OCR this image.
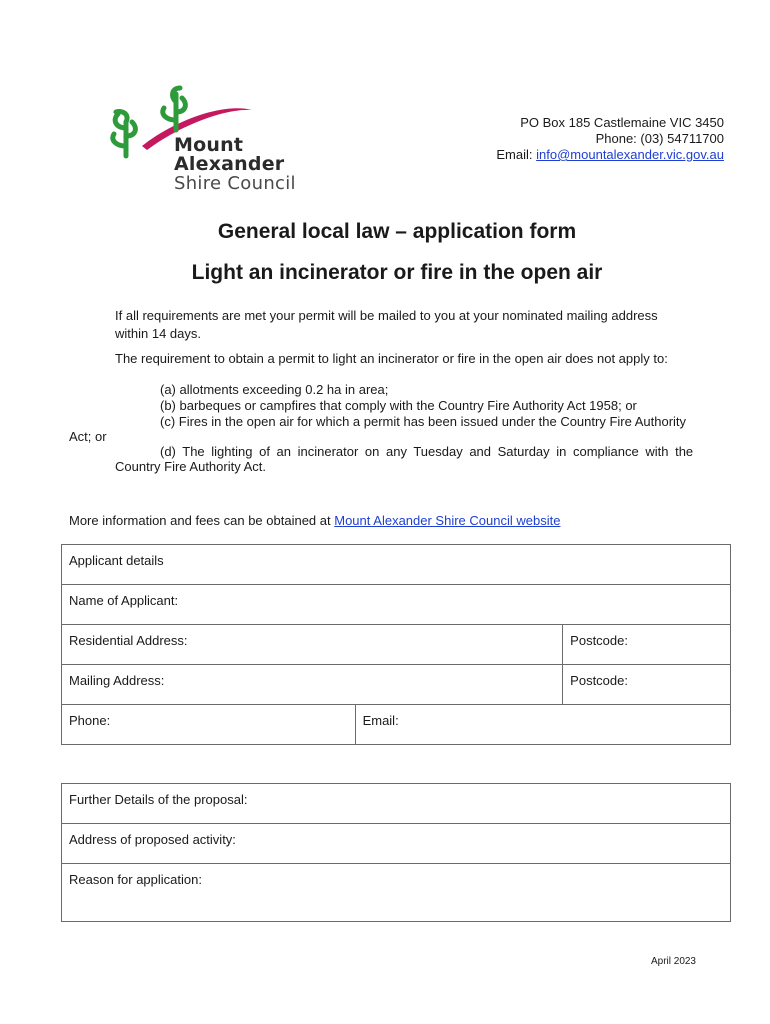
Mount Alexander
Shire Council
PO Box 185 Castlemaine VIC 3450
Phone: (03) 54711700
Email: info@mountalexander.vic.gov.au
General local law – application form
Light an incinerator or fire in the open air
If all requirements are met your permit will be mailed to you at your nominated mailing address
within 14 days.
The requirement to obtain a permit to light an incinerator or fire in the open air does not apply to:
(a) allotments exceeding 0.2 ha in area;
(b) barbeques or campfires that comply with the Country Fire Authority Act 1958; or
(c) Fires in the open air for which a permit has been issued under the Country Fire Authority
Act; or
(d) The lighting of an incinerator on any Tuesday and Saturday in compliance with the
Country Fire Authority Act.
More information and fees can be obtained at Mount Alexander Shire Council website
Applicant details		
Name of Applicant:		
Residential Address:		Postcode:
Mailing Address:		Postcode:
Phone:	Email:	
Further Details of the proposal:
Address of proposed activity:
Reason for application:
April 2023
